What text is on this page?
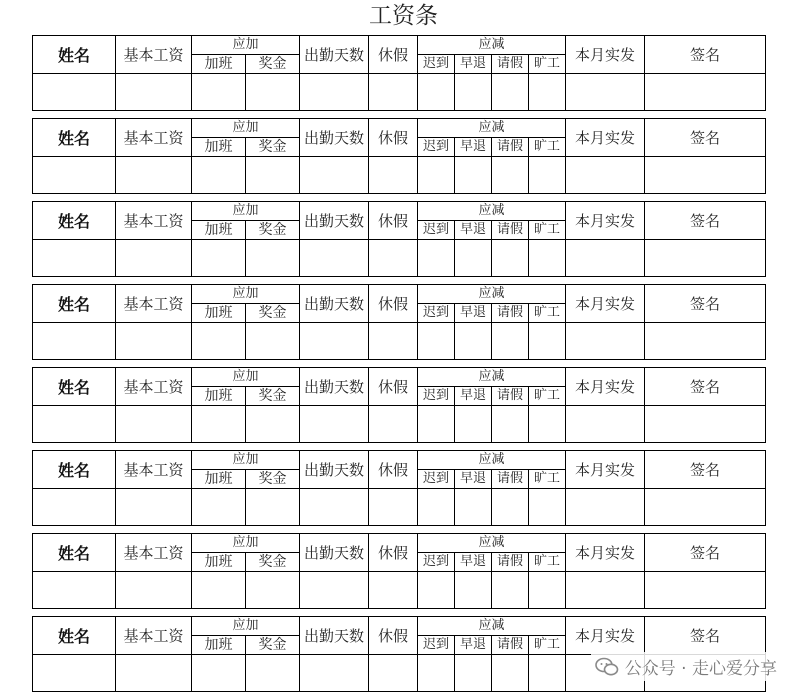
工资条
姓名	基本工资	应加		出勤天数	休假	应减				本月实发	签名
		加班	奖金			迟到	早退	请假	旷工		

姓名	基本工资	应加		出勤天数	休假	应减				本月实发	签名
		加班	奖金			迟到	早退	请假	旷工		

姓名	基本工资	应加		出勤天数	休假	应减				本月实发	签名
		加班	奖金			迟到	早退	请假	旷工		

姓名	基本工资	应加		出勤天数	休假	应减				本月实发	签名
		加班	奖金			迟到	早退	请假	旷工		

姓名	基本工资	应加		出勤天数	休假	应减				本月实发	签名
		加班	奖金			迟到	早退	请假	旷工		

姓名	基本工资	应加		出勤天数	休假	应减				本月实发	签名
		加班	奖金			迟到	早退	请假	旷工		

姓名	基本工资	应加		出勤天数	休假	应减				本月实发	签名
		加班	奖金			迟到	早退	请假	旷工		

姓名	基本工资	应加		出勤天数	休假	应减				本月实发	签名
		加班	奖金			迟到	早退	请假	旷工		

公众号 · 走心爱分享
